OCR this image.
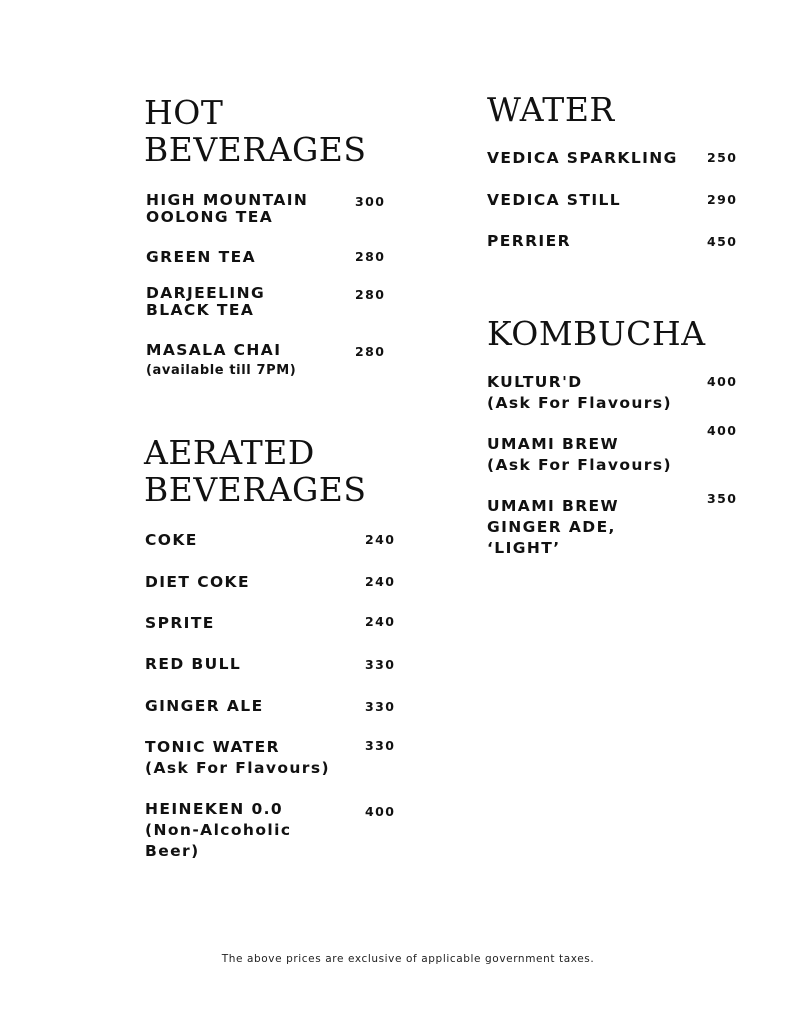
HOT
BEVERAGES
HIGH MOUNTAIN
OOLONG TEA
300
GREEN TEA	280
DARJEELING
BLACK TEA
280
MASALA CHAI
(available till 7PM)
280
AERATED
BEVERAGES
COKE	240
DIET COKE	240
SPRITE	240
RED BULL	330
GINGER ALE	330
TONIC WATER
(Ask For Flavours)
330
HEINEKEN 0.0
(Non-Alcoholic
Beer)
400
WATER
VEDICA SPARKLING 250
VEDICA STILL	290
PERRIER	450
KOMBUCHA
KULTUR'D
(Ask For Flavours)
400
UMAMI BREW
(Ask For Flavours)
400
UMAMI BREW
GINGER ADE,
‘LIGHT’
350
The above prices are exclusive of applicable government taxes.
